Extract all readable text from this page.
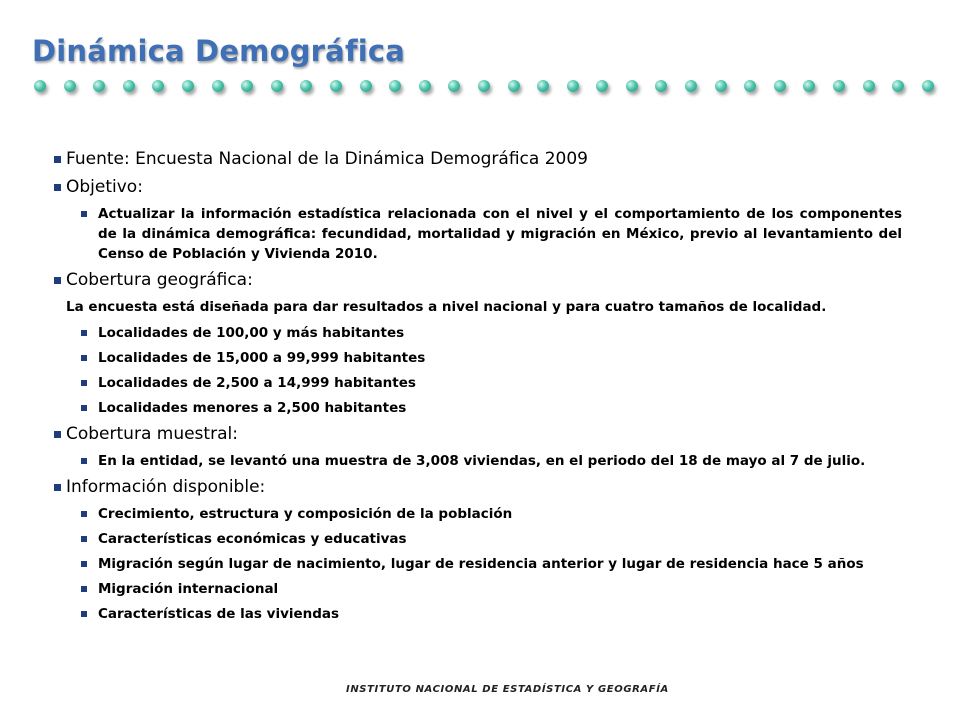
Dinámica Demográfica
Fuente: Encuesta Nacional de la Dinámica Demográfica 2009
Objetivo:
Actualizar la información estadística relacionada con el nivel y el comportamiento de los componentes de la dinámica demográfica: fecundidad, mortalidad y migración en México, previo al levantamiento del Censo de Población y Vivienda 2010.
Cobertura geográfica:
La encuesta está diseñada para dar resultados a nivel nacional y para cuatro tamaños de localidad.
Localidades de 100,00 y más habitantes
Localidades de 15,000 a 99,999 habitantes
Localidades de 2,500 a 14,999 habitantes
Localidades menores a 2,500 habitantes
Cobertura muestral:
En la entidad, se levantó una muestra de 3,008 viviendas, en el periodo del 18 de mayo al 7 de julio.
Información disponible:
Crecimiento, estructura y composición de la población
Características económicas y educativas
Migración según lugar de nacimiento, lugar de residencia anterior y lugar de residencia hace 5 años
Migración internacional
Características de las viviendas
INSTITUTO NACIONAL DE ESTADÍSTICA Y GEOGRAFÍA
